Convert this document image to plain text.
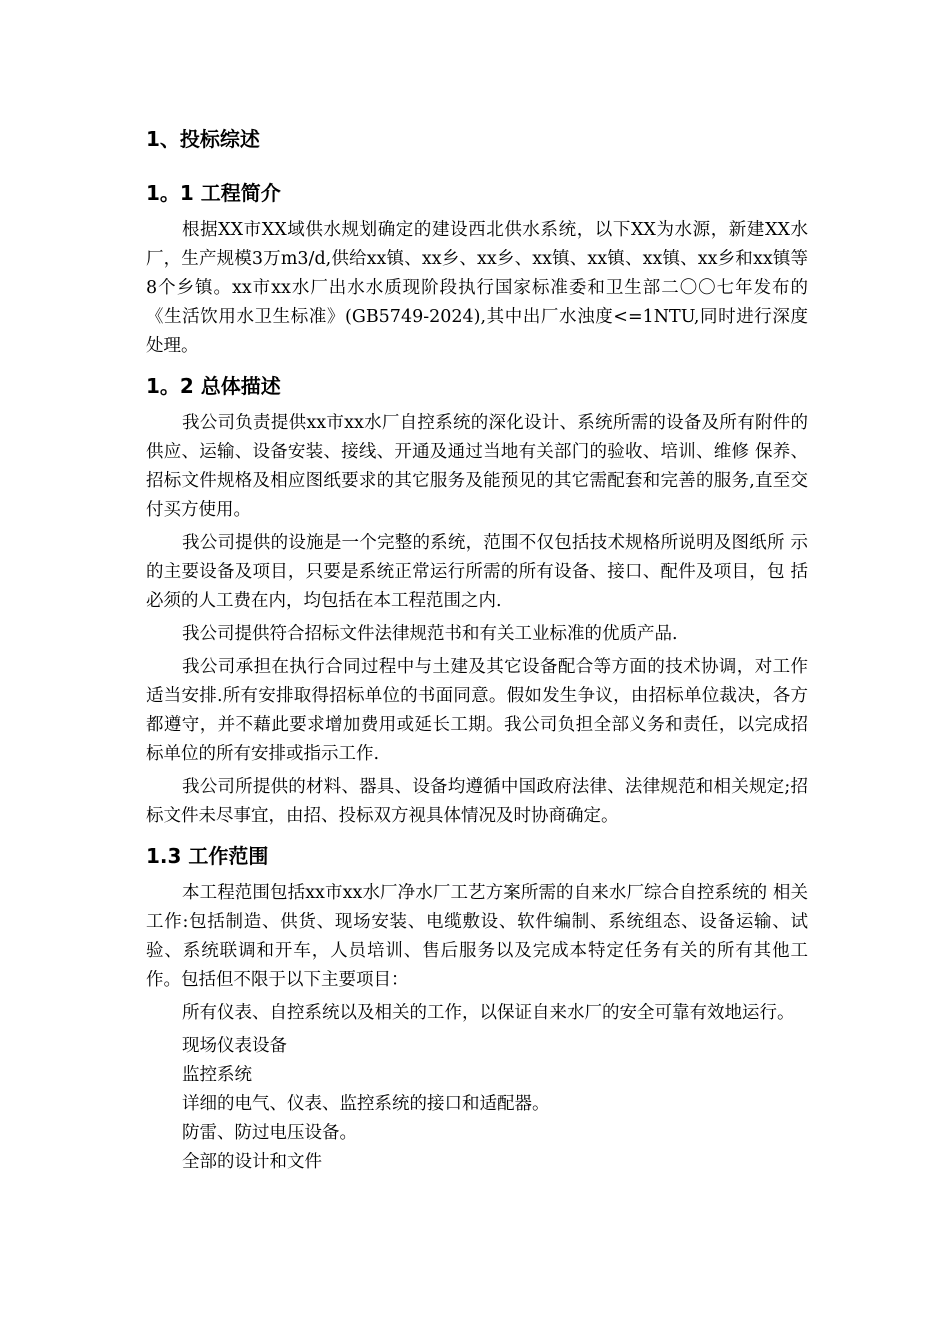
1、投标综述
1。1 工程简介

根据XX市XX域供水规划确定的建设西北供水系统，以下XX为水源，新建XX水厂，生产规模3万m3/d,供给xx镇、xx乡、xx乡、xx镇、xx镇、xx镇、xx乡和xx镇等8个乡镇。xx市xx水厂出水水质现阶段执行国家标准委和卫生部二〇〇七年发布的《生活饮用水卫生标准》(GB5749-2024),其中出厂水浊度<=1NTU,同时进行深度处理。

1。2 总体描述

我公司负责提供xx市xx水厂自控系统的深化设计、系统所需的设备及所有附件的供应、运输、设备安装、接线、开通及通过当地有关部门的验收、培训、维修 保养、招标文件规格及相应图纸要求的其它服务及能预见的其它需配套和完善的服务,直至交付买方使用。

我公司提供的设施是一个完整的系统，范围不仅包括技术规格所说明及图纸所 示的主要设备及项目，只要是系统正常运行所需的所有设备、接口、配件及项目，包 括必须的人工费在内，均包括在本工程范围之内.

我公司提供符合招标文件法律规范书和有关工业标准的优质产品.

我公司承担在执行合同过程中与土建及其它设备配合等方面的技术协调，对工作适当安排.所有安排取得招标单位的书面同意。假如发生争议，由招标单位裁决，各方都遵守，并不藉此要求增加费用或延长工期。我公司负担全部义务和责任，以完成招标单位的所有安排或指示工作.

我公司所提供的材料、器具、设备均遵循中国政府法律、法律规范和相关规定;招标文件未尽事宜，由招、投标双方视具体情况及时协商确定。

1.3 工作范围

本工程范围包括xx市xx水厂净水厂工艺方案所需的自来水厂综合自控系统的 相关工作:包括制造、供货、现场安装、电缆敷设、软件编制、系统组态、设备运输、试验、系统联调和开车，人员培训、售后服务以及完成本特定任务有关的所有其他工作。包括但不限于以下主要项目：

所有仪表、自控系统以及相关的工作，以保证自来水厂的安全可靠有效地运行。

现场仪表设备
监控系统
详细的电气、仪表、监控系统的接口和适配器。
防雷、防过电压设备。
全部的设计和文件
